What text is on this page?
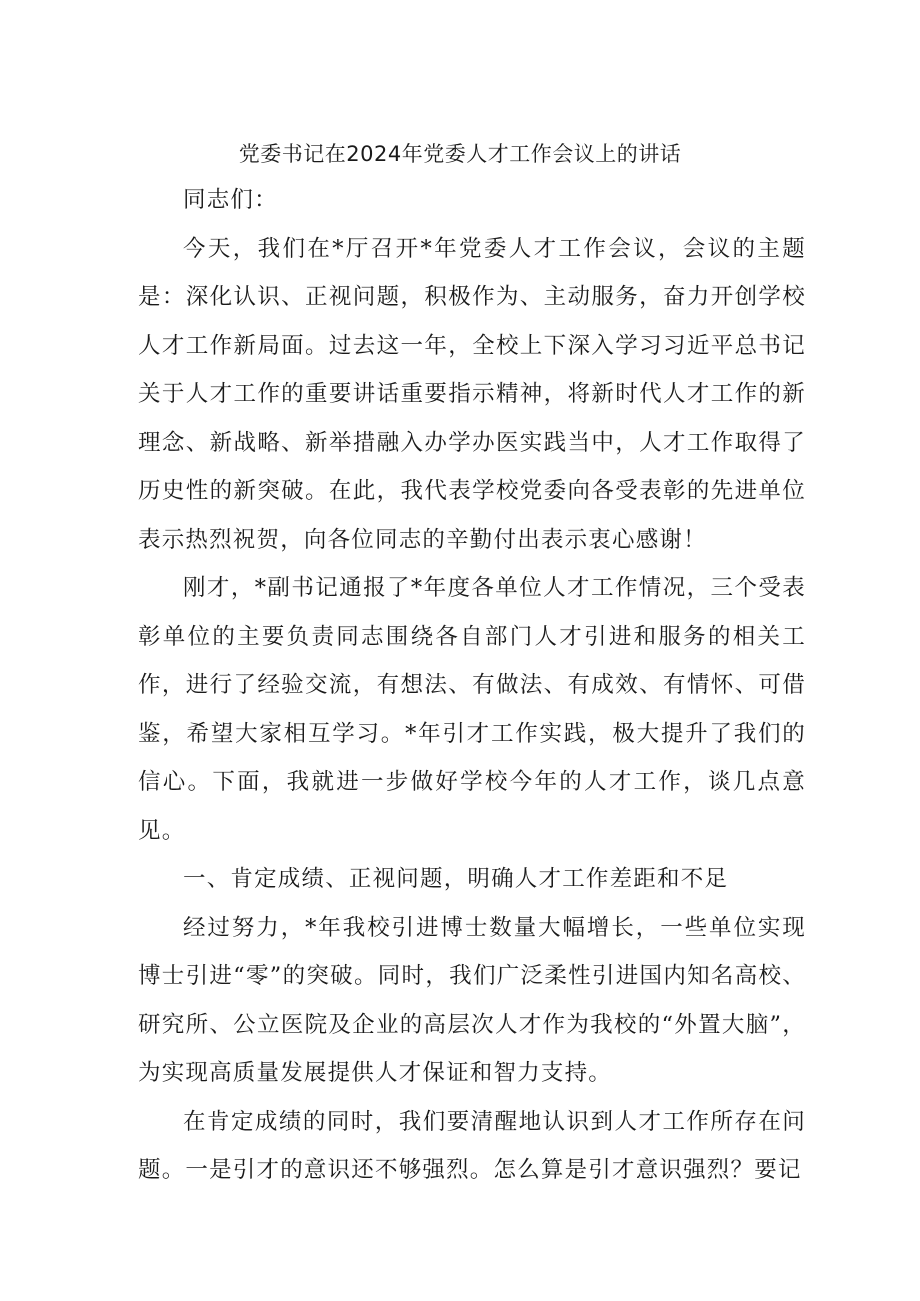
党委书记在2024年党委人才工作会议上的讲话

同志们：

今天，我们在*厅召开*年党委人才工作会议，会议的主题是：深化认识、正视问题，积极作为、主动服务，奋力开创学校人才工作新局面。过去这一年，全校上下深入学习习近平总书记关于人才工作的重要讲话重要指示精神，将新时代人才工作的新理念、新战略、新举措融入办学办医实践当中，人才工作取得了历史性的新突破。在此，我代表学校党委向各受表彰的先进单位表示热烈祝贺，向各位同志的辛勤付出表示衷心感谢！

刚才，*副书记通报了*年度各单位人才工作情况，三个受表彰单位的主要负责同志围绕各自部门人才引进和服务的相关工作，进行了经验交流，有想法、有做法、有成效、有情怀、可借鉴，希望大家相互学习。*年引才工作实践，极大提升了我们的信心。下面，我就进一步做好学校今年的人才工作，谈几点意见。

一、肯定成绩、正视问题，明确人才工作差距和不足

经过努力，*年我校引进博士数量大幅增长，一些单位实现博士引进“零”的突破。同时，我们广泛柔性引进国内知名高校、研究所、公立医院及企业的高层次人才作为我校的“外置大脑”，为实现高质量发展提供人才保证和智力支持。

在肯定成绩的同时，我们要清醒地认识到人才工作所存在问题。一是引才的意识还不够强烈。怎么算是引才意识强烈？要记
